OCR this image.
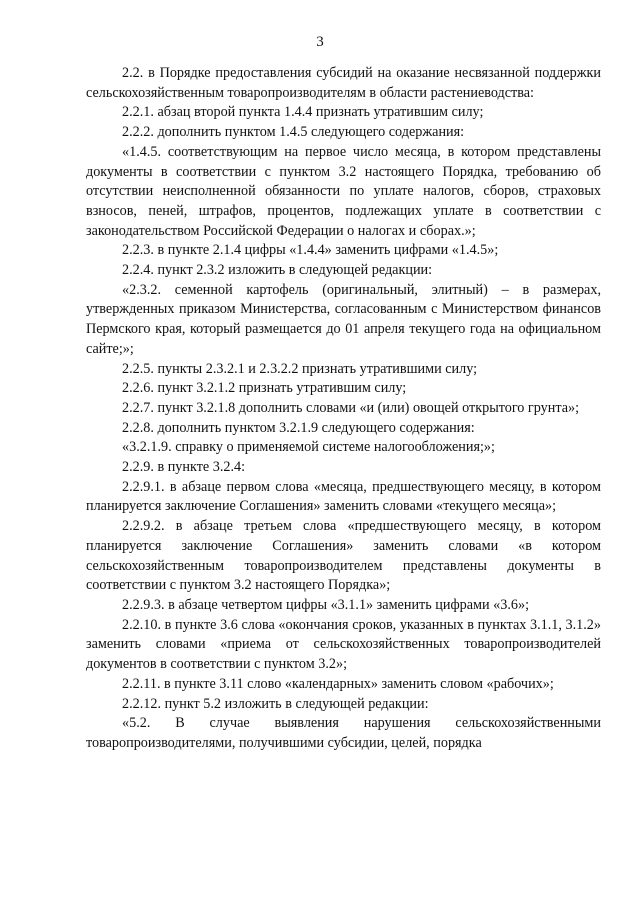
3

2.2. в Порядке предоставления субсидий на оказание несвязанной поддержки сельскохозяйственным товаропроизводителям в области растениеводства:

2.2.1. абзац второй пункта 1.4.4 признать утратившим силу;

2.2.2. дополнить пунктом 1.4.5 следующего содержания:

«1.4.5. соответствующим на первое число месяца, в котором представлены документы в соответствии с пунктом 3.2 настоящего Порядка, требованию об отсутствии неисполненной обязанности по уплате налогов, сборов, страховых взносов, пеней, штрафов, процентов, подлежащих уплате в соответствии с законодательством Российской Федерации о налогах и сборах.»;

2.2.3. в пункте 2.1.4 цифры «1.4.4» заменить цифрами «1.4.5»;

2.2.4. пункт 2.3.2 изложить в следующей редакции:

«2.3.2. семенной картофель (оригинальный, элитный) – в размерах, утвержденных приказом Министерства, согласованным с Министерством финансов Пермского края, который размещается до 01 апреля текущего года на официальном сайте;»;

2.2.5. пункты 2.3.2.1 и 2.3.2.2 признать утратившими силу;

2.2.6. пункт 3.2.1.2 признать утратившим силу;

2.2.7. пункт 3.2.1.8 дополнить словами «и (или) овощей открытого грунта»;

2.2.8. дополнить пунктом 3.2.1.9 следующего содержания:

«3.2.1.9. справку о применяемой системе налогообложения;»;

2.2.9. в пункте 3.2.4:

2.2.9.1. в абзаце первом слова «месяца, предшествующего месяцу, в котором планируется заключение Соглашения» заменить словами «текущего месяца»;

2.2.9.2. в абзаце третьем слова «предшествующего месяцу, в котором планируется заключение Соглашения» заменить словами «в котором сельскохозяйственным товаропроизводителем представлены документы в соответствии с пунктом 3.2 настоящего Порядка»;

2.2.9.3. в абзаце четвертом цифры «3.1.1» заменить цифрами «3.6»;

2.2.10. в пункте 3.6 слова «окончания сроков, указанных в пунктах 3.1.1, 3.1.2» заменить словами «приема от сельскохозяйственных товаропроизводителей документов в соответствии с пунктом 3.2»;

2.2.11. в пункте 3.11 слово «календарных» заменить словом «рабочих»;

2.2.12. пункт 5.2 изложить в следующей редакции:

«5.2. В случае выявления нарушения сельскохозяйственными товаропроизводителями, получившими субсидии, целей, порядка
